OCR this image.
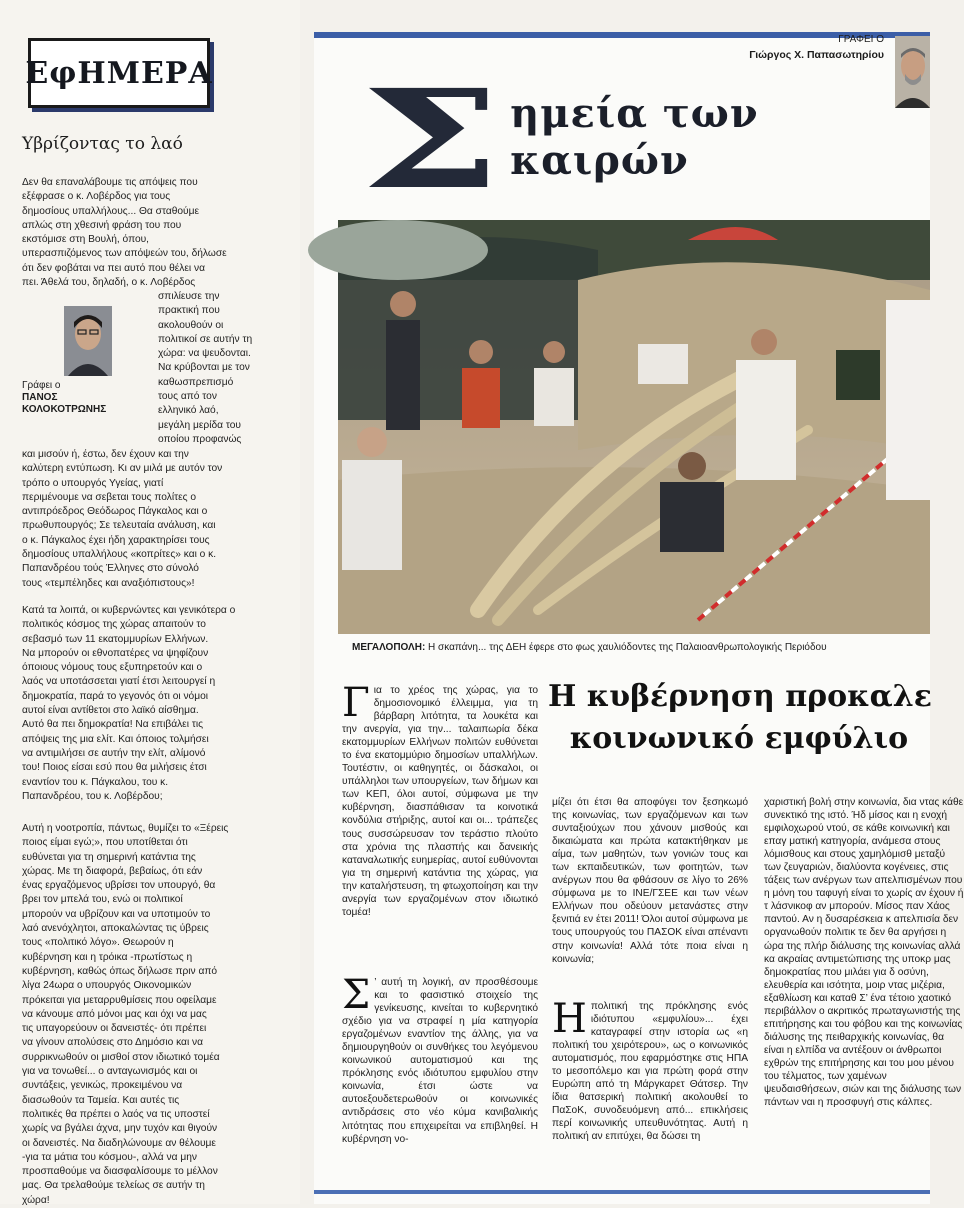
ΕφΗΜΕΡΑ
Υβρίζοντας το λαό

Δεν θα επαναλάβουμε τις απόψεις που

εξέφρασε ο κ. Λοβέρδος για τους

δημοσίους υπαλλήλους... Θα σταθούμε

απλώς στη χθεσινή φράση του που

εκστόμισε στη Βουλή, όπου,

υπερασπιζόμενος των απόψεών του, δήλωσε

ότι δεν φοβάται να πει αυτό που θέλει να

πει. Άθελά του, δηλαδή, ο κ. Λοβέρδος

σπιλίευσε την

πρακτική που

ακολουθούν οι

πολιτικοί σε αυτήν τη

χώρα: να ψευδονται.

Να κρύβονται με τον

καθωσπρεπισμό

τους από τον

ελληνικό λαό,

μεγάλη μερίδα του

οποίου προφανώς

Γράφει ο
ΠΑΝΟΣ
ΚΟΛΟΚΟΤΡΩΝΗΣ

και μισούν ή, έστω, δεν έχουν και την

καλύτερη εντύπωση. Κι αν μιλά με αυτόν τον

τρόπο ο υπουργός Υγείας, γιατί

περιμένουμε να σεβεται τους πολίτες ο

αντιπρόεδρος Θεόδωρος Πάγκαλος και ο

πρωθυπουργός; Σε τελευταία ανάλυση, και

ο κ. Πάγκαλος έχει ήδη χαρακτηρίσει τους

δημοσίους υπαλλήλους «κοπρίτες» και ο κ.

Παπανδρέου τούς Έλληνες στο σύνολό

τους «τεμπέληδες και αναξιόπιστους»!

Κατά τα λοιπά, οι κυβερνώντες και γενικότερα ο

πολιτικός κόσμος της χώρας απαιτούν το

σεβασμό των 11 εκατομμυρίων Ελλήνων.

Να μπορούν οι εθνοπατέρες να ψηφίζουν

όποιους νόμους τους εξυπηρετούν και ο

λαός να υποτάσσεται γιατί έτσι λειτουργεί η

δημοκρατία, παρά το γεγονός ότι οι νόμοι

αυτοί είναι αντίθετοι στο λαϊκό αίσθημα.

Αυτό θα πει δημοκρατία! Να επιβάλει τις

απόψεις της μια ελίτ. Και όποιος τολμήσει

να αντιμιλήσει σε αυτήν την ελίτ, αλίμονό

του! Ποιος είσαι εσύ που θα μιλήσεις έτσι

εναντίον του κ. Πάγκαλου, του κ.

Παπανδρέου, του κ. Λοβέρδου;

Αυτή η νοοτροπία, πάντως, θυμίζει το «Ξέρεις

ποιος είμαι εγώ;», που υποτίθεται ότι

ευθύνεται για τη σημερινή κατάντια της

χώρας. Με τη διαφορά, βεβαίως, ότι εάν

ένας εργαζόμενος υβρίσει τον υπουργό, θα

βρει τον μπελά του, ενώ οι πολιτικοί

μπορούν να υβρίζουν και να υποτιμούν το

λαό ανενόχλητοι, αποκαλώντας τις ύβρεις

τους «πολιτικό λόγο». Θεωρούν η

κυβέρνηση και η τρόικα -πρωτίστως η

κυβέρνηση, καθώς όπως δήλωσε πριν από

λίγα 24ωρα ο υπουργός Οικονομικών

πρόκειται για μεταρρυθμίσεις που οφείλαμε

να κάνουμε από μόνοι μας και όχι να μας

τις υπαγορεύουν οι δανειστές- ότι πρέπει

να γίνουν απολύσεις στο Δημόσιο και να

συρρικνωθούν οι μισθοί στον ιδιωτικό τομέα

για να τονωθεί... ο ανταγωνισμός και οι

συντάξεις, γενικώς, προκειμένου να

διασωθούν τα Ταμεία. Και αυτές τις

πολιτικές θα πρέπει ο λαός να τις υποστεί

χωρίς να βγάλει άχνα, μην τυχόν και θιγούν

οι δανειστές. Να διαδηλώνουμε αν θέλουμε

-για τα μάτια του κόσμου-, αλλά να μην

προσπαθούμε να διασφαλίσουμε το μέλλον

μας. Θα τρελαθούμε τελείως σε αυτήν τη

χώρα!

ΓΡΑΦΕΙ Ο
Γιώργος Χ. Παπασωτηρίου
Σ ημεία των καιρών
ΜΕΓΑΛΟΠΟΛΗ: Η σκαπάνη... της ΔΕΗ έφερε στο φως χαυλιόδοντες της Παλαιοανθρωπολογικής Περιόδου
Η κυβέρνηση προκαλε
κοινωνικό εμφύλιο
Για το χρέος της χώρας, για το δημοσιονομικό έλλειμμα, για τη βάρβαρη λιτότητα, τα λουκέτα και την ανεργία, για την... ταλαιπωρία δέκα εκατομμυρίων Ελλήνων πολιτών ευθύνεται το ένα εκατομμύριο δημοσίων υπαλλήλων. Τουτέστιν, οι καθηγητές, οι δάσκαλοι, οι υπάλληλοι των υπουργείων, των δήμων και των ΚΕΠ, όλοι αυτοί, σύμφωνα με την κυβέρνηση, διασπάθισαν τα κοινοτικά κονδύλια στήριξης, αυτοί και οι... τράπεζες τους συσσώρευσαν τον τεράστιο πλούτο στα χρόνια της πλασπής και δανεικής καταναλωτικής ευημερίας, αυτοί ευθύνονται για τη σημερινή κατάντια της χώρας, για την καταλήστευση, τη φτωχοποίηση και την ανεργία των εργαζομένων στον ιδιωτικό τομέα!
Σ ’ αυτή τη λογική, αν προσθέσουμε και το φασιστικό στοιχείο της γενίκευσης, κινείται το κυβερνητικό σχέδιο για να στραφεί η μία κατηγορία εργαζομένων εναντίον της άλλης, για να δημιουργηθούν οι συνθήκες του λεγόμενου κοινωνικού αυτοματισμού και της πρόκλησης ενός ιδιότυπου εμφυλίου στην κοινωνία, έτσι ώστε να αυτοεξουδετερωθούν οι κοινωνικές αντιδράσεις στο νέο κύμα κανιβαλικής λιτότητας που επιχειρείται να επιβληθεί. Η κυβέρνηση νο-
μίζει ότι έτσι θα αποφύγει τον ξεσηκωμό της κοινωνίας, των εργαζόμενων και των συνταξιούχων που χάνουν μισθούς και δικαιώματα και πρώτα κατακτήθηκαν με αίμα, των μαθητών, των γονιών τους και των εκπαιδευτικών, των φοιτητών, των ανέργων που θα φθάσουν σε λίγο το 26% σύμφωνα με το ΙΝΕ/ΓΣΕΕ και των νέων Ελλήνων που οδεύουν μετανάστες στην ξενιτιά εν έτει 2011! Όλοι αυτοί σύμφωνα με τους υπουργούς του ΠΑΣΟΚ είναι απέναντι στην κοινωνία! Αλλά τότε ποια είναι η κοινωνία;
Ηπολιτική της πρόκλησης ενός ιδιότυπου «εμφυλίου»... έχει καταγραφεί στην ιστορία ως «η πολιτική του χειρότερου», ως ο κοινωνικός αυτοματισμός, που εφαρμόστηκε στις ΗΠΑ το μεσοπόλεμο και για πρώτη φορά στην Ευρώπη από τη Μάργκαρετ Θάτσερ. Την ίδια θατσερική πολιτική ακολουθεί το ΠαΣοΚ, συνοδευόμενη από... επικλήσεις περί κοινωνικής υπευθυνότητας. Αυτή η πολιτική αν επιτύχει, θα δώσει τη
χαριστική βολή στην κοινωνία, δια ντας κάθε συνεκτικό της ιστό. Ήδ μίσος και η ενοχή εμφιλοχωρού ντού, σε κάθε κοινωνική και επαγ ματική κατηγορία, ανάμεσα στους λόμισθους και στους χαμηλόμισθ μεταξύ των ζευγαριών, διαλύοντα κογένειες, στις τάξεις των ανέργων των απελπισμένων που η μόνη του ταφυγή είναι το χωρίς αν έχουν ή τ λάσνικοφ αν μπορούν. Μίσος παν Χάος παντού. Αν η δυσαρέσκεια κ απελπισία δεν οργανωθούν πολιτικ τε δεν θα αργήσει η ώρα της πλήρ διάλυσης της κοινωνίας αλλά κα ακραίας αντιμετώπισης της υποκρ μας δημοκρατίας που μιλάει για δ οσύνη, ελευθερία και ισότητα, μοιρ ντας μιζέρια, εξαθλίωση και καταθ Σ’ ένα τέτοιο χαοτικό περιβάλλον ο ακριτικός πρωταγωνιστής της επιτήρησης και του φόβου και της κοινωνίας διάλυσης της πειθαρχικής κοινωνίας, θα είναι η ελπίδα να αντέξουν οι άνθρωποι εχθρών της επιτήρησης και του μου μένου του τέλματος, των χαμένων ψευδαισθήσεων, σιών και της διάλυσης των πάντων ναι η προσφυγή στις κάλπες.
